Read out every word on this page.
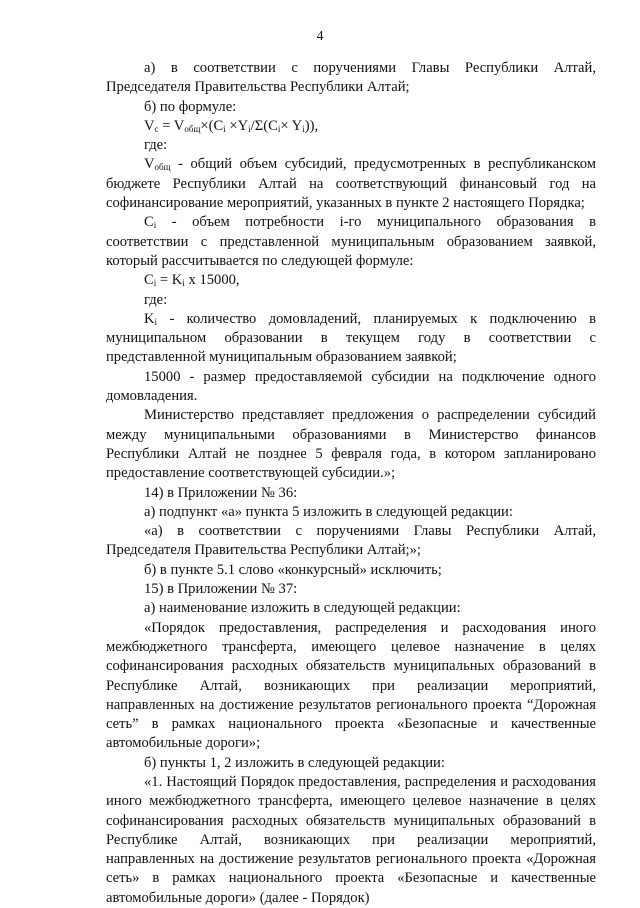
4

а) в соответствии с поручениями Главы Республики Алтай, Председателя Правительства Республики Алтай;

б) по формуле:

$V_c = V_{общ}\times(C_i \times Y_i/\Sigma(C_i\times Y_i))$,

где:

$V_{общ}$ - общий объем субсидий, предусмотренных в республиканском бюджете Республики Алтай на соответствующий финансовый год на софинансирование мероприятий, указанных в пункте 2 настоящего Порядка;

$C_i$ - объем потребности i-го муниципального образования в соответствии с представленной муниципальным образованием заявкой, который рассчитывается по следующей формуле:

$C_i = K_i$ x 15000,

где:

$K_i$ - количество домовладений, планируемых к подключению в муниципальном образовании в текущем году в соответствии с представленной муниципальным образованием заявкой;

15000 - размер предоставляемой субсидии на подключение одного домовладения.

Министерство представляет предложения о распределении субсидий между муниципальными образованиями в Министерство финансов Республики Алтай не позднее 5 февраля года, в котором запланировано предоставление соответствующей субсидии.»;

14) в Приложении № 36:

а) подпункт «а» пункта 5 изложить в следующей редакции:

«а) в соответствии с поручениями Главы Республики Алтай, Председателя Правительства Республики Алтай;»;

б) в пункте 5.1 слово «конкурсный» исключить;

15) в Приложении № 37:

а) наименование изложить в следующей редакции:

«Порядок предоставления, распределения и расходования иного межбюджетного трансферта, имеющего целевое назначение в целях софинансирования расходных обязательств муниципальных образований в Республике Алтай, возникающих при реализации мероприятий, направленных на достижение результатов регионального проекта “Дорожная сеть” в рамках национального проекта «Безопасные и качественные автомобильные дороги»;

б) пункты 1, 2 изложить в следующей редакции:

«1. Настоящий Порядок предоставления, распределения и расходования иного межбюджетного трансферта, имеющего целевое назначение в целях софинансирования расходных обязательств муниципальных образований в Республике Алтай, возникающих при реализации мероприятий, направленных на достижение результатов регионального проекта «Дорожная сеть» в рамках национального проекта «Безопасные и качественные автомобильные дороги» (далее - Порядок)
